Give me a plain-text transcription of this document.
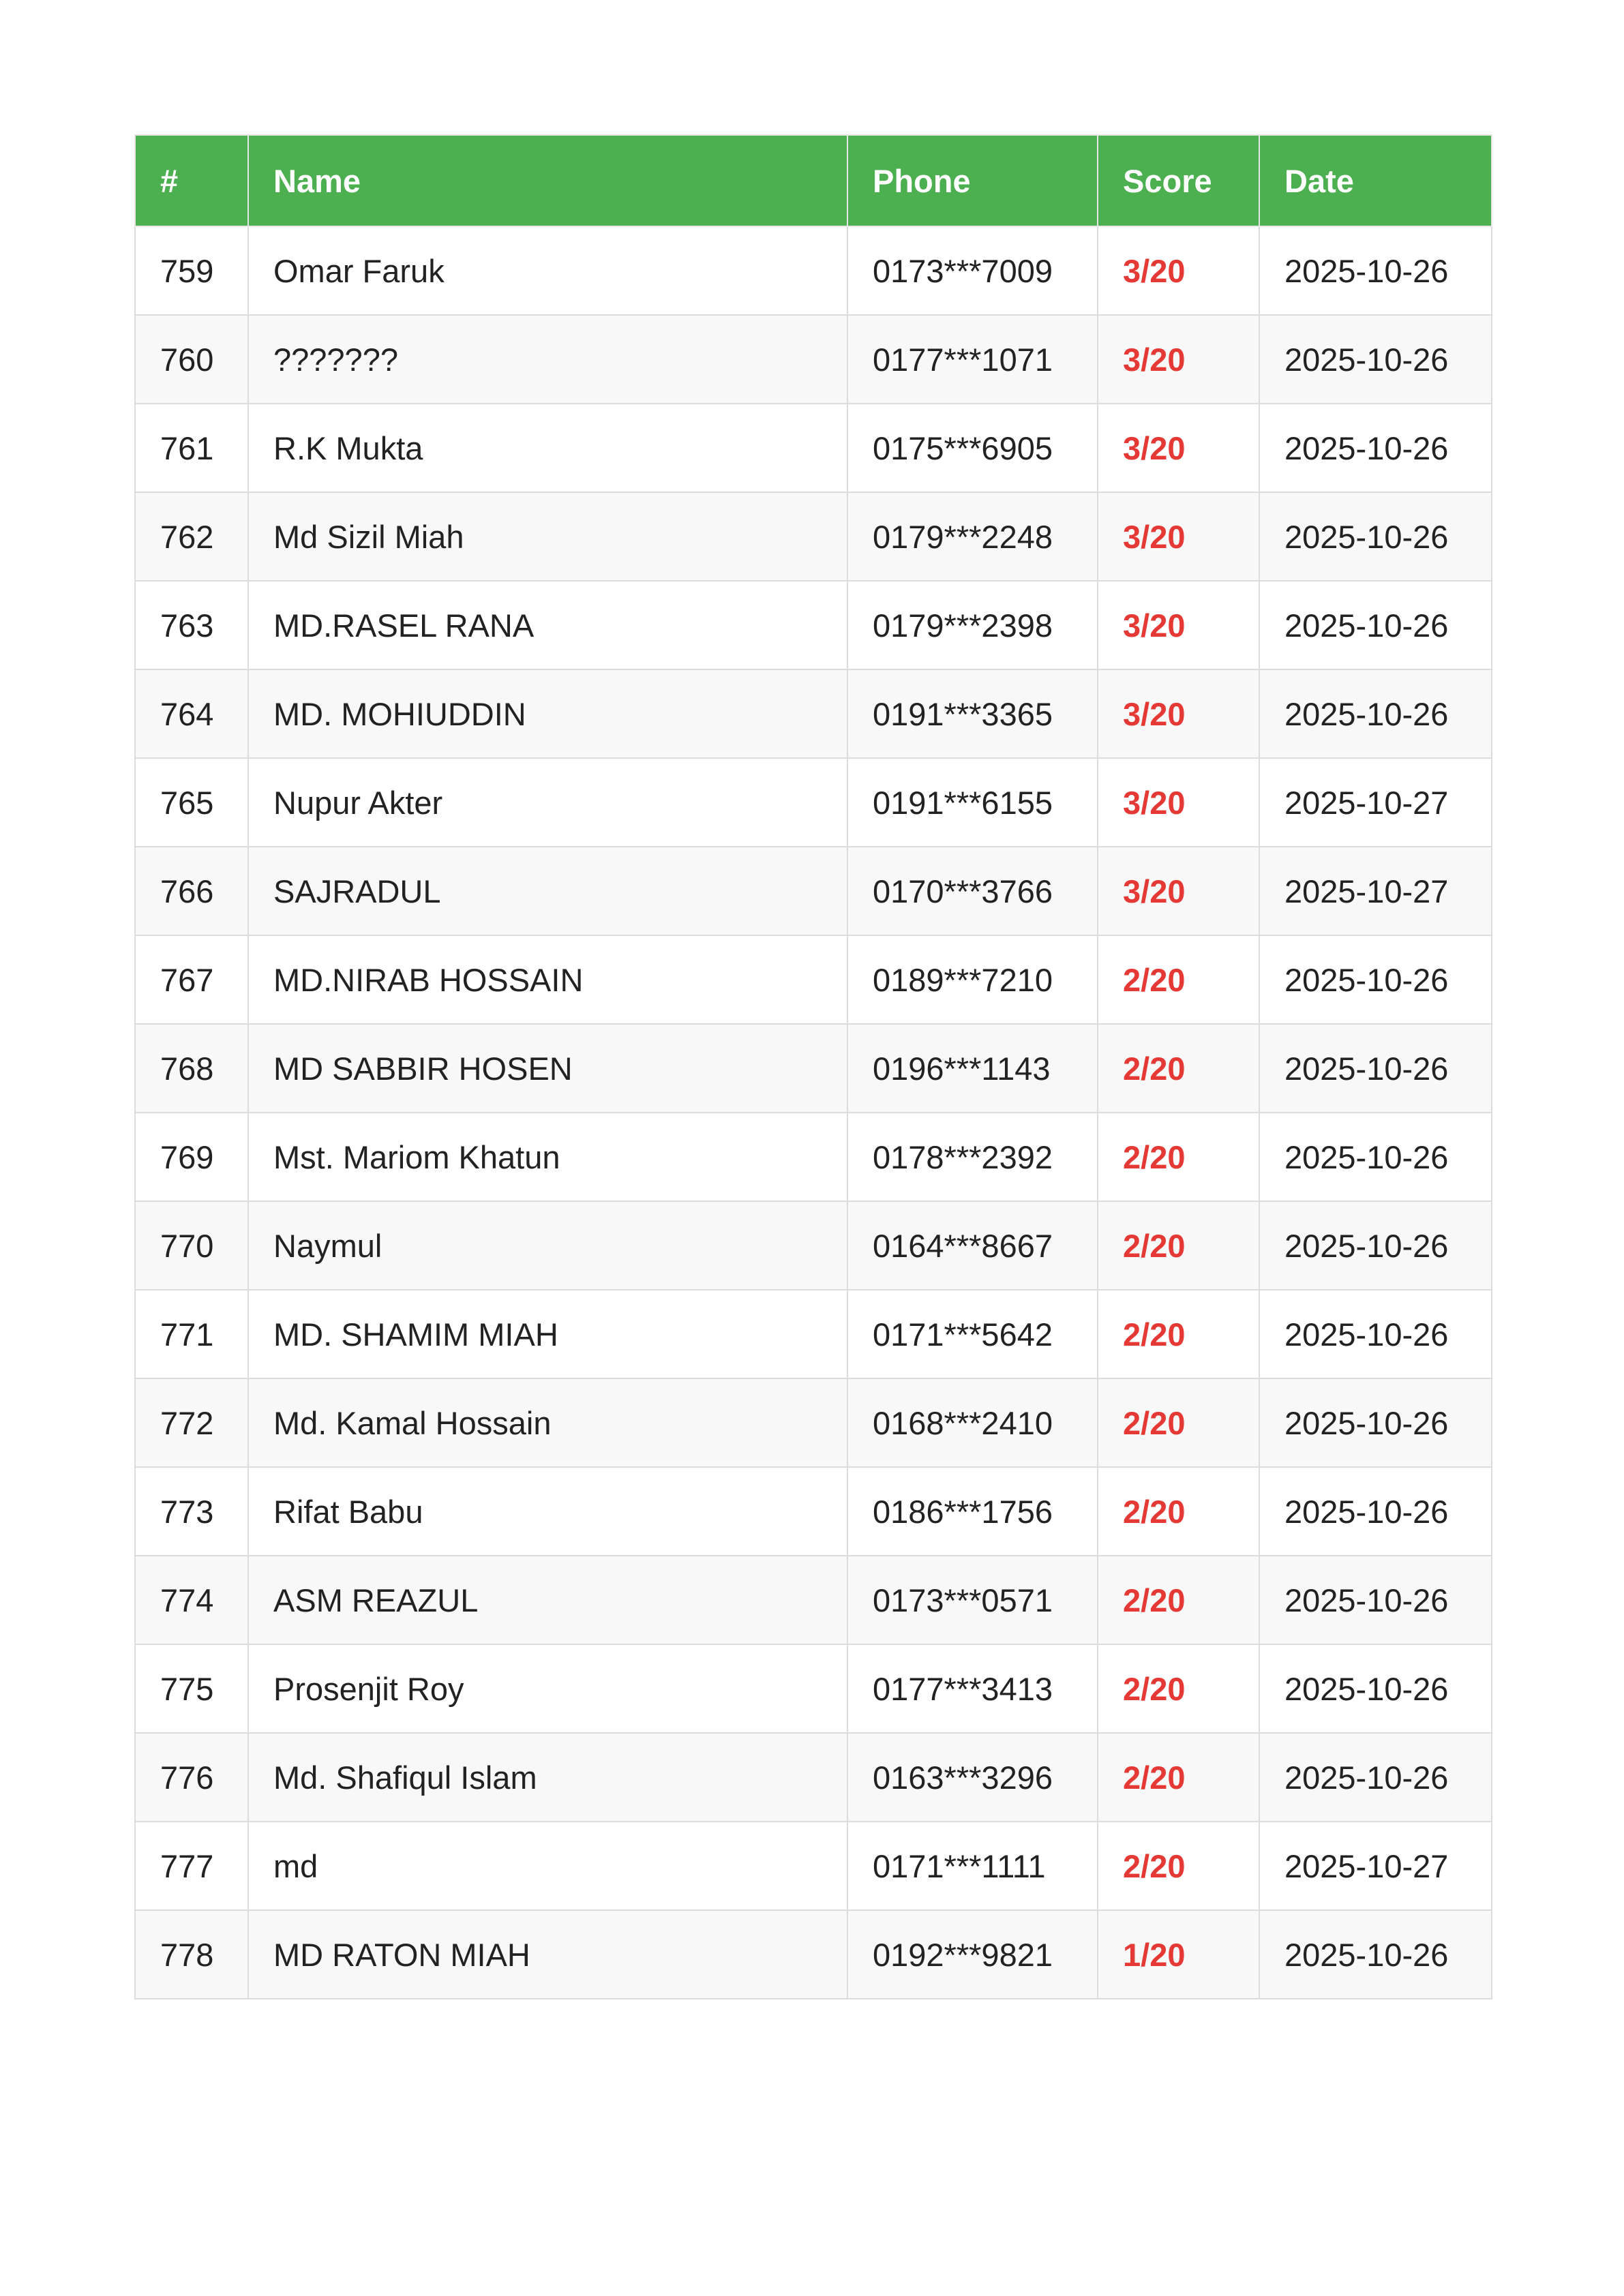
#	Name	Phone	Score	Date
759	Omar Faruk	0173***7009	3/20	2025-10-26
760	???????	0177***1071	3/20	2025-10-26
761	R.K Mukta	0175***6905	3/20	2025-10-26
762	Md Sizil Miah	0179***2248	3/20	2025-10-26
763	MD.RASEL RANA	0179***2398	3/20	2025-10-26
764	MD. MOHIUDDIN	0191***3365	3/20	2025-10-26
765	Nupur Akter	0191***6155	3/20	2025-10-27
766	SAJRADUL	0170***3766	3/20	2025-10-27
767	MD.NIRAB HOSSAIN	0189***7210	2/20	2025-10-26
768	MD SABBIR HOSEN	0196***1143	2/20	2025-10-26
769	Mst. Mariom Khatun	0178***2392	2/20	2025-10-26
770	Naymul	0164***8667	2/20	2025-10-26
771	MD. SHAMIM MIAH	0171***5642	2/20	2025-10-26
772	Md. Kamal Hossain	0168***2410	2/20	2025-10-26
773	Rifat Babu	0186***1756	2/20	2025-10-26
774	ASM REAZUL	0173***0571	2/20	2025-10-26
775	Prosenjit Roy	0177***3413	2/20	2025-10-26
776	Md. Shafiqul Islam	0163***3296	2/20	2025-10-26
777	md	0171***1111	2/20	2025-10-27
778	MD RATON MIAH	0192***9821	1/20	2025-10-26
